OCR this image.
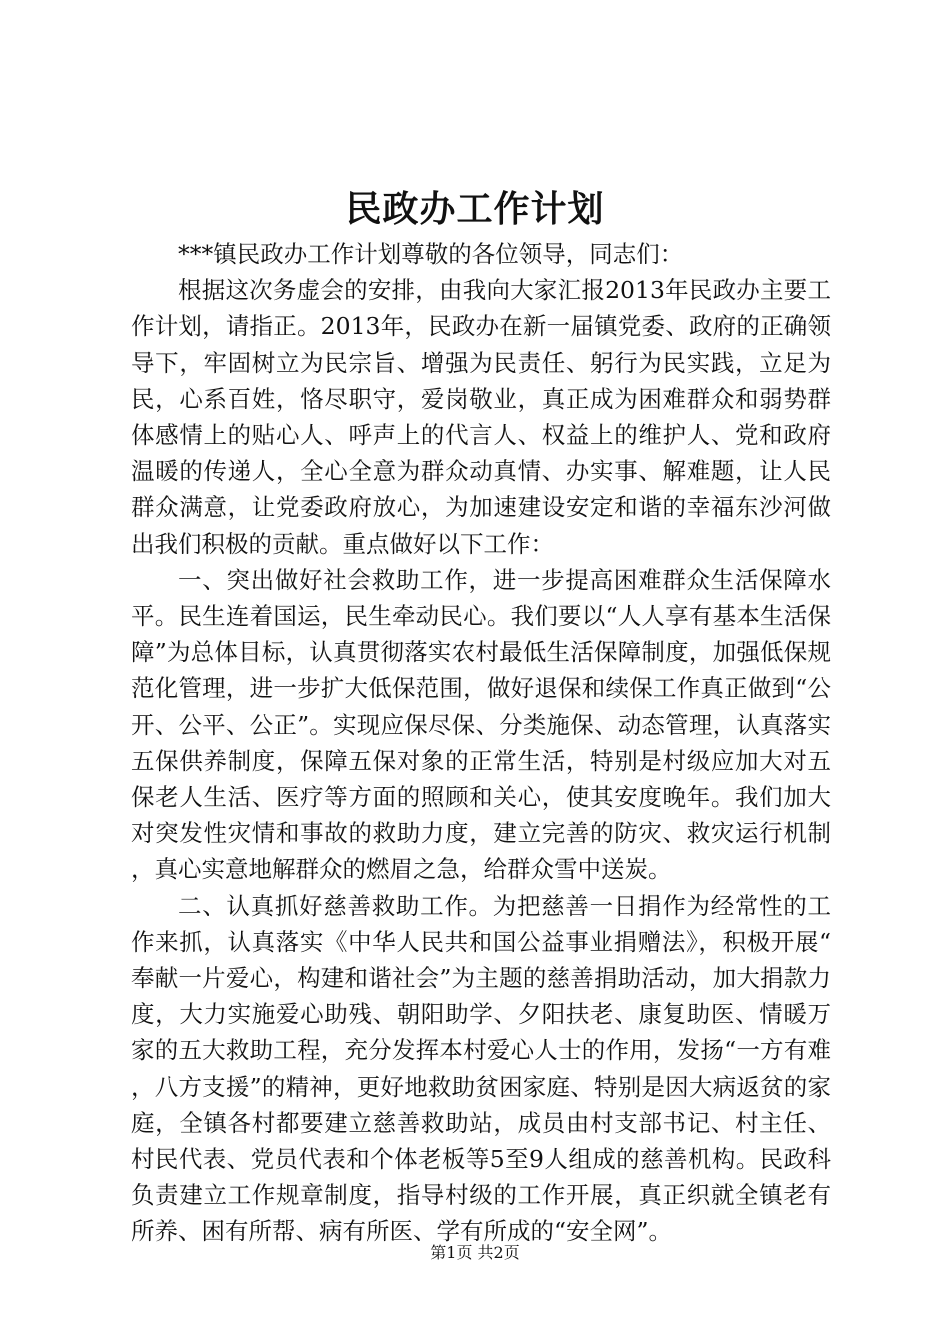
民政办工作计划

***镇民政办工作计划尊敬的各位领导，同志们：

根据这次务虚会的安排，由我向大家汇报2013年民政办主要工作计划，请指正。2013年，民政办在新一届镇党委、政府的正确领导下，牢固树立为民宗旨、增强为民责任、躬行为民实践，立足为民，心系百姓，恪尽职守，爱岗敬业，真正成为困难群众和弱势群体感情上的贴心人、呼声上的代言人、权益上的维护人、党和政府温暖的传递人，全心全意为群众动真情、办实事、解难题，让人民群众满意，让党委政府放心，为加速建设安定和谐的幸福东沙河做出我们积极的贡献。重点做好以下工作：

一、突出做好社会救助工作，进一步提高困难群众生活保障水平。民生连着国运，民生牵动民心。我们要以“人人享有基本生活保障”为总体目标，认真贯彻落实农村最低生活保障制度，加强低保规范化管理，进一步扩大低保范围，做好退保和续保工作真正做到“公开、公平、公正”。实现应保尽保、分类施保、动态管理，认真落实五保供养制度，保障五保对象的正常生活，特别是村级应加大对五保老人生活、医疗等方面的照顾和关心，使其安度晚年。我们加大对突发性灾情和事故的救助力度，建立完善的防灾、救灾运行机制，真心实意地解群众的燃眉之急，给群众雪中送炭。

二、认真抓好慈善救助工作。为把慈善一日捐作为经常性的工作来抓，认真落实《中华人民共和国公益事业捐赠法》，积极开展“奉献一片爱心，构建和谐社会”为主题的慈善捐助活动，加大捐款力度，大力实施爱心助残、朝阳助学、夕阳扶老、康复助医、情暖万家的五大救助工程，充分发挥本村爱心人士的作用，发扬“一方有难，八方支援”的精神，更好地救助贫困家庭、特别是因大病返贫的家庭，全镇各村都要建立慈善救助站，成员由村支部书记、村主任、村民代表、党员代表和个体老板等5至9人组成的慈善机构。民政科负责建立工作规章制度，指导村级的工作开展，真正织就全镇老有所养、困有所帮、病有所医、学有所成的“安全网”。

第1页 共2页
